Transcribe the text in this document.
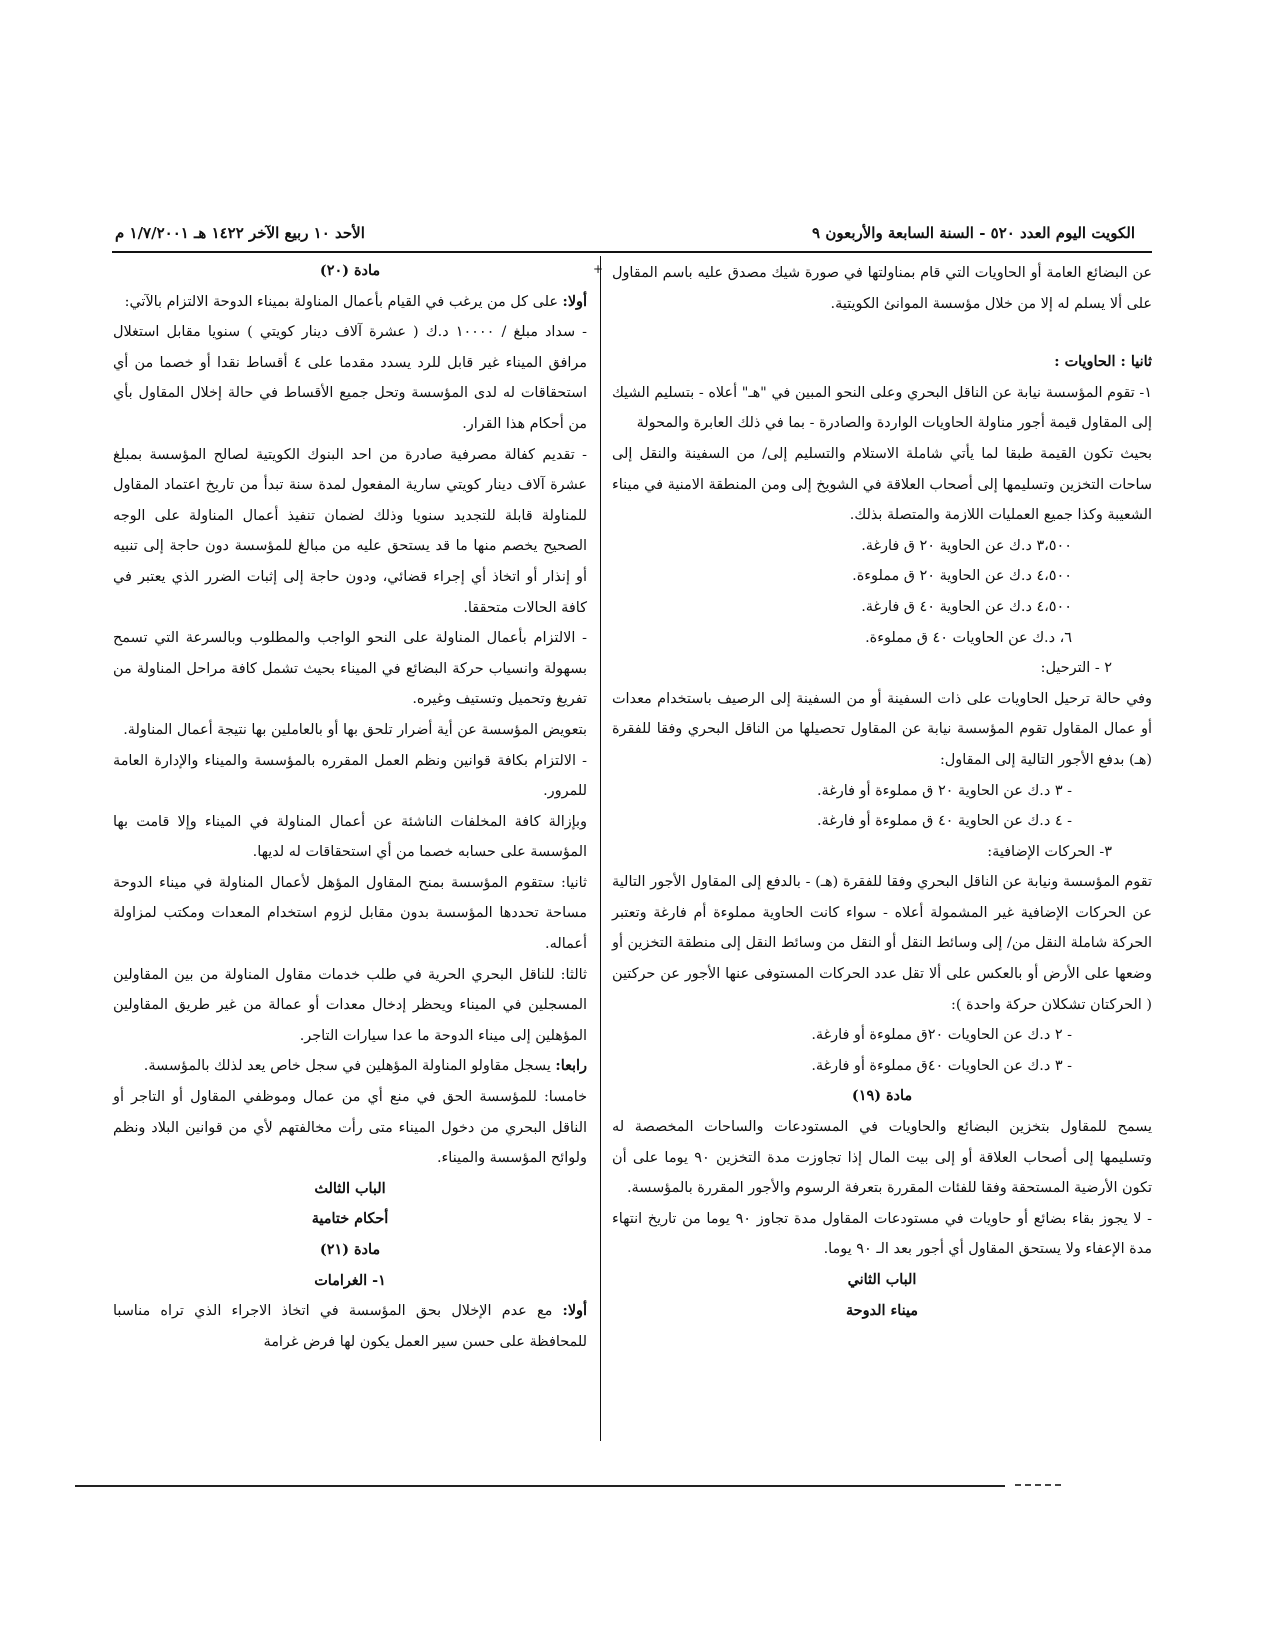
الكويت اليوم العدد ٥٢٠ - السنة السابعة والأربعون ٩
الأحد ١٠ ربيع الآخر ١٤٢٢ هـ ١/٧/٢٠٠١ م
+ عن البضائع العامة أو الحاويات التي قام بمناولتها في صورة شيك مصدق عليه باسم المقاول على ألا يسلم له إلا من خلال مؤسسة الموانئ الكويتية.

ثانيا : الحاويات :

١- تقوم المؤسسة نيابة عن الناقل البحري وعلى النحو المبين في "هـ" أعلاه - بتسليم الشيك إلى المقاول قيمة أجور مناولة الحاويات الواردة والصادرة - بما في ذلك العابرة والمحولة

بحيث تكون القيمة طبقا لما يأتي شاملة الاستلام والتسليم إلى/ من السفينة والنقل إلى ساحات التخزين وتسليمها إلى أصحاب العلاقة في الشويخ إلى ومن المنطقة الامنية في ميناء الشعيبة وكذا جميع العمليات اللازمة والمتصلة بذلك.

٣،٥٠٠ د.ك عن الحاوية ٢٠ ق فارغة.

٤،٥٠٠ د.ك عن الحاوية ٢٠ ق مملوءة.

٤،٥٠٠ د.ك عن الحاوية ٤٠ ق فارغة.

٦، د.ك عن الحاويات ٤٠ ق مملوءة.

٢ - الترحيل:

وفي حالة ترحيل الحاويات على ذات السفينة أو من السفينة إلى الرصيف باستخدام معدات أو عمال المقاول تقوم المؤسسة نيابة عن المقاول تحصيلها من الناقل البحري وفقا للفقرة (هـ) بدفع الأجور التالية إلى المقاول:

- ٣ د.ك عن الحاوية ٢٠ ق مملوءة أو فارغة.

- ٤ د.ك عن الحاوية ٤٠ ق مملوءة أو فارغة.

٣- الحركات الإضافية:

تقوم المؤسسة ونيابة عن الناقل البحري وفقا للفقرة (هـ) - بالدفع إلى المقاول الأجور التالية عن الحركات الإضافية غير المشمولة أعلاه - سواء كانت الحاوية مملوءة أم فارغة وتعتبر الحركة شاملة النقل من/ إلى وسائط النقل أو النقل من وسائط النقل إلى منطقة التخزين أو وضعها على الأرض أو بالعكس على ألا تقل عدد الحركات المستوفى عنها الأجور عن حركتين ( الحركتان تشكلان حركة واحدة ):

- ٢ د.ك عن الحاويات ٢٠ق مملوءة أو فارغة.

- ٣ د.ك عن الحاويات ٤٠ق مملوءة أو فارغة.

مادة (١٩)

يسمح للمقاول بتخزين البضائع والحاويات في المستودعات والساحات المخصصة له وتسليمها إلى أصحاب العلاقة أو إلى بيت المال إذا تجاوزت مدة التخزين ٩٠ يوما على أن تكون الأرضية المستحقة وفقا للفئات المقررة بتعرفة الرسوم والأجور المقررة بالمؤسسة.

- لا يجوز بقاء بضائع أو حاويات في مستودعات المقاول مدة تجاوز ٩٠ يوما من تاريخ انتهاء مدة الإعفاء ولا يستحق المقاول أي أجور بعد الـ ٩٠ يوما.

الباب الثاني

ميناء الدوحة

مادة (٢٠)

أولا: على كل من يرغب في القيام بأعمال المناولة بميناء الدوحة الالتزام بالآتي:

- سداد مبلغ / ١٠٠٠٠ د.ك ( عشرة آلاف دينار كويتي ) سنويا مقابل استغلال مرافق الميناء غير قابل للرد يسدد مقدما على ٤ أقساط نقدا أو خصما من أي استحقاقات له لدى المؤسسة وتحل جميع الأقساط في حالة إخلال المقاول بأي من أحكام هذا القرار.

- تقديم كفالة مصرفية صادرة من احد البنوك الكويتية لصالح المؤسسة بمبلغ عشرة آلاف دينار كويتي سارية المفعول لمدة سنة تبدأ من تاريخ اعتماد المقاول للمناولة قابلة للتجديد سنويا وذلك لضمان تنفيذ أعمال المناولة على الوجه الصحيح يخصم منها ما قد يستحق عليه من مبالغ للمؤسسة دون حاجة إلى تنبيه أو إنذار أو اتخاذ أي إجراء قضائي، ودون حاجة إلى إثبات الضرر الذي يعتبر في كافة الحالات متحققا.

- الالتزام بأعمال المناولة على النحو الواجب والمطلوب وبالسرعة التي تسمح بسهولة وانسياب حركة البضائع في الميناء بحيث تشمل كافة مراحل المناولة من تفريغ وتحميل وتستيف وغيره.

بتعويض المؤسسة عن أية أضرار تلحق بها أو بالعاملين بها نتيجة أعمال المناولة.

- الالتزام بكافة قوانين ونظم العمل المقرره بالمؤسسة والميناء والإدارة العامة للمرور.

وبإزالة كافة المخلفات الناشئة عن أعمال المناولة في الميناء وإلا قامت بها المؤسسة على حسابه خصما من أي استحقاقات له لديها.

ثانيا: ستقوم المؤسسة بمنح المقاول المؤهل لأعمال المناولة في ميناء الدوحة مساحة تحددها المؤسسة بدون مقابل لزوم استخدام المعدات ومكتب لمزاولة أعماله.

ثالثا: للناقل البحري الحرية في طلب خدمات مقاول المناولة من بين المقاولين المسجلين في الميناء ويحظر إدخال معدات أو عمالة من غير طريق المقاولين المؤهلين إلى ميناء الدوحة ما عدا سيارات التاجر.

رابعا: يسجل مقاولو المناولة المؤهلين في سجل خاص يعد لذلك بالمؤسسة.

خامسا: للمؤسسة الحق في منع أي من عمال وموظفي المقاول أو التاجر أو الناقل البحري من دخول الميناء متى رأت مخالفتهم لأي من قوانين البلاد ونظم ولوائح المؤسسة والميناء.

الباب الثالث

أحكام ختامية

مادة (٢١)

١- الغرامات

أولا: مع عدم الإخلال بحق المؤسسة في اتخاذ الاجراء الذي تراه مناسبا للمحافظة على حسن سير العمل يكون لها فرض غرامة
